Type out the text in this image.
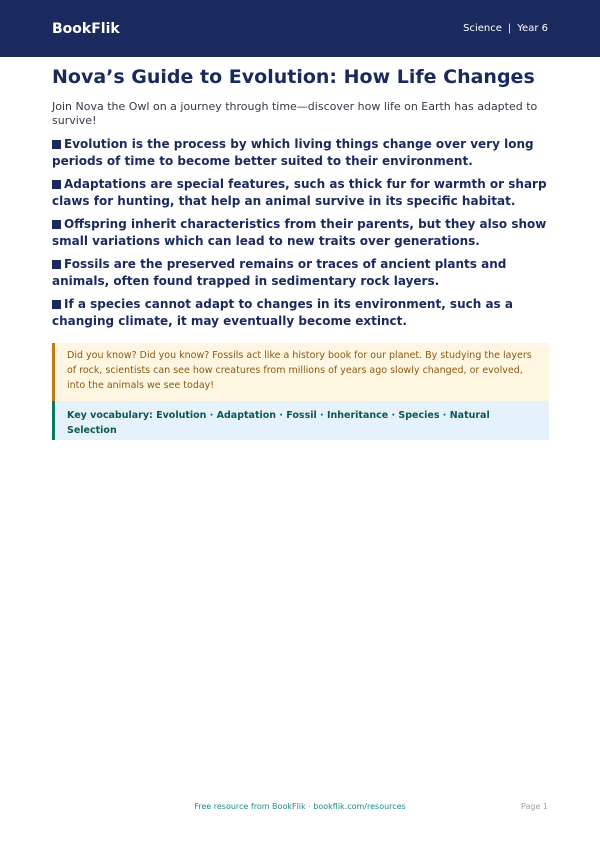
BookFlik	Science | Year 6
Nova’s Guide to Evolution: How Life Changes

Join Nova the Owl on a journey through time—discover how life on Earth has adapted to survive!

Evolution is the process by which living things change over very long periods of time to become better suited to their environment.
Adaptations are special features, such as thick fur for warmth or sharp claws for hunting, that help an animal survive in its specific habitat.
Offspring inherit characteristics from their parents, but they also show small variations which can lead to new traits over generations.
Fossils are the preserved remains or traces of ancient plants and animals, often found trapped in sedimentary rock layers.
If a species cannot adapt to changes in its environment, such as a changing climate, it may eventually become extinct.
Did you know? Did you know? Fossils act like a history book for our planet. By studying the layers of rock, scientists can see how creatures from millions of years ago slowly changed, or evolved, into the animals we see today!
Key vocabulary: Evolution · Adaptation · Fossil · Inheritance · Species · Natural Selection
Free resource from BookFlik · bookflik.com/resources	Page 1
